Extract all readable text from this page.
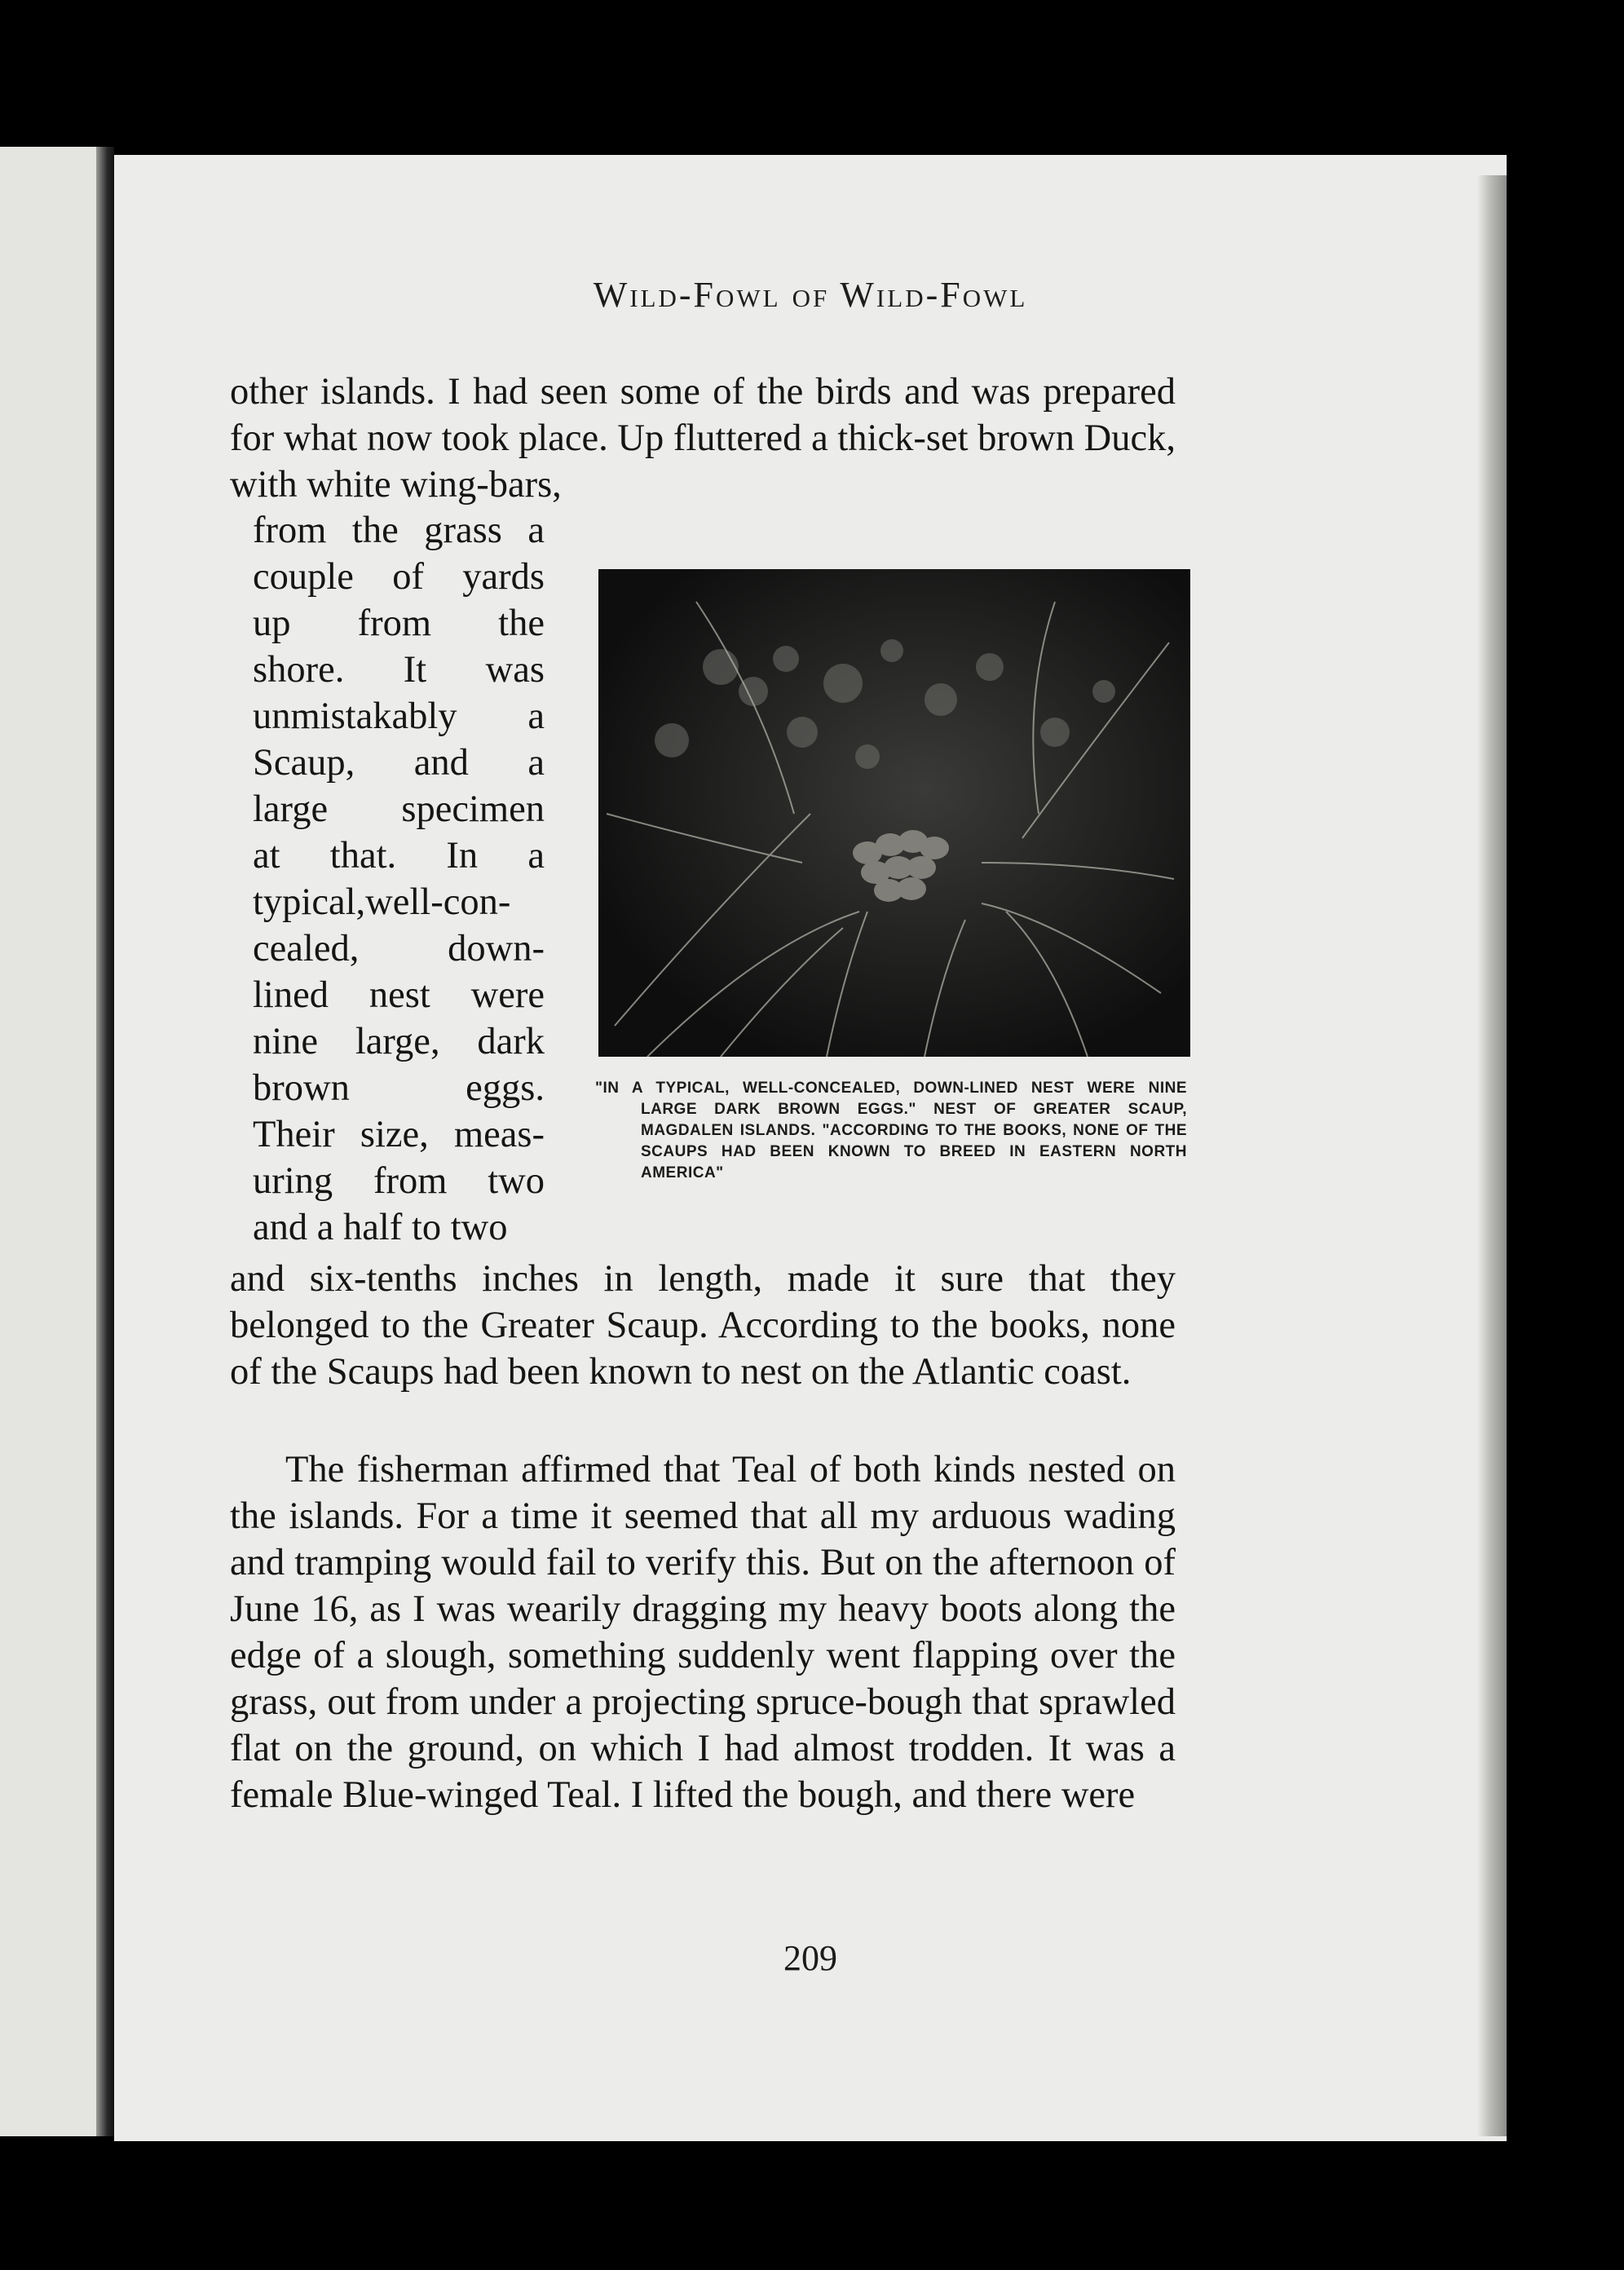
Wild-Fowl of Wild-Fowl
other islands. I had seen some of the birds and was prepared for what now took place. Up fluttered a thick-set brown Duck, with white wing-bars,
from the grass a
couple of yards
up from the
shore. It was
unmistakably a
Scaup, and a
large specimen
at that. In a
typical,well-con-
cealed, down-
lined nest were
nine large, dark
brown eggs.
Their size, meas-
uring from two
and a half to two
"IN A TYPICAL, WELL-CONCEALED, DOWN-LINED NEST WERE NINE LARGE DARK BROWN EGGS." NEST OF GREATER SCAUP, MAGDALEN ISLANDS. "ACCORDING TO THE BOOKS, NONE OF THE SCAUPS HAD BEEN KNOWN TO BREED IN EASTERN NORTH AMERICA"
and six-tenths inches in length, made it sure that they belonged to the Greater Scaup. According to the books, none of the Scaups had been known to nest on the Atlantic coast.
The fisherman affirmed that Teal of both kinds nested on the islands. For a time it seemed that all my arduous wading and tramping would fail to verify this. But on the afternoon of June 16, as I was wearily dragging my heavy boots along the edge of a slough, something suddenly went flapping over the grass, out from under a projecting spruce-bough that sprawled flat on the ground, on which I had almost trodden. It was a female Blue-winged Teal. I lifted the bough, and there were
209
